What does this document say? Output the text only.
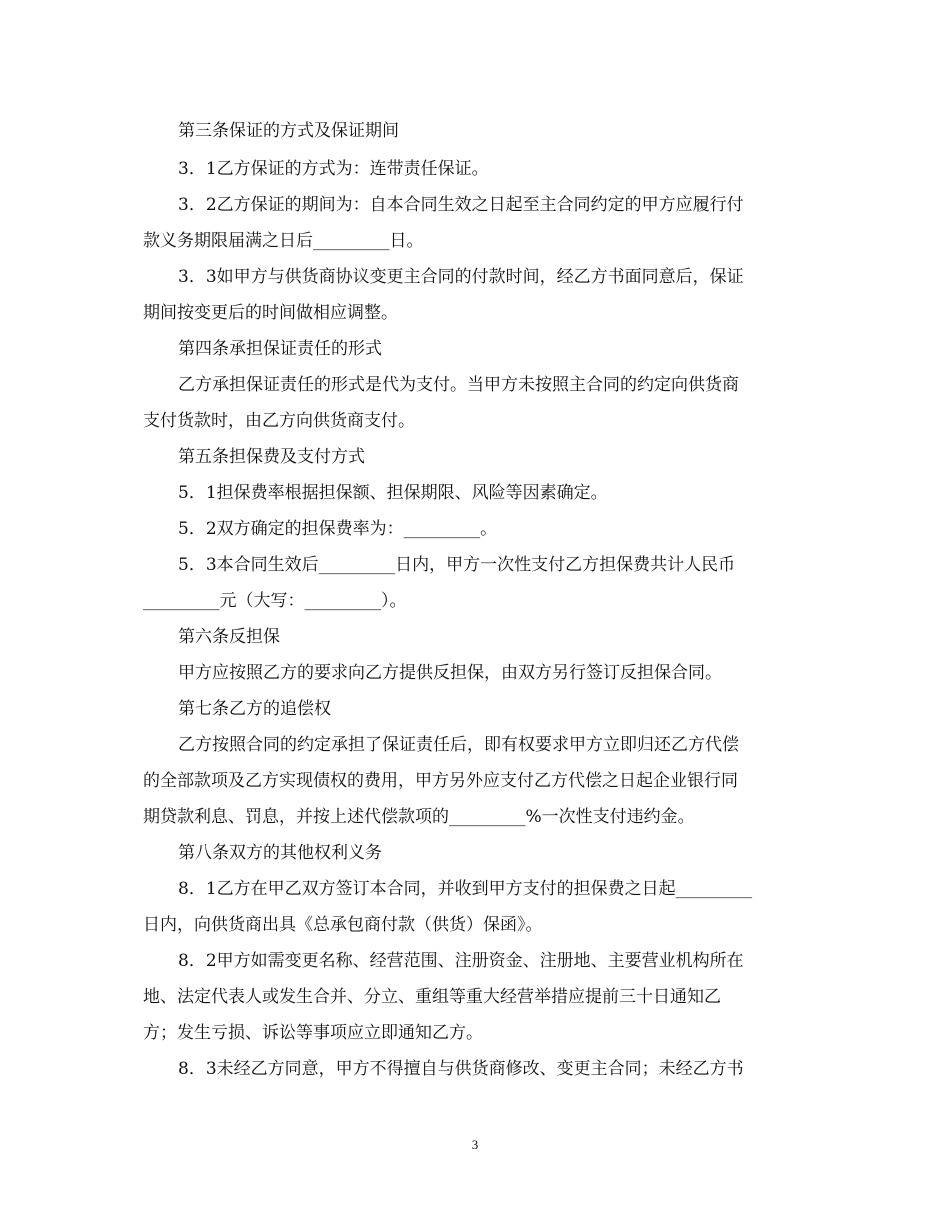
第三条保证的方式及保证期间
3．1乙方保证的方式为：连带责任保证。
3．2乙方保证的期间为：自本合同生效之日起至主合同约定的甲方应履行付
款义务期限届满之日后_________日。
3．3如甲方与供货商协议变更主合同的付款时间，经乙方书面同意后，保证
期间按变更后的时间做相应调整。
第四条承担保证责任的形式
乙方承担保证责任的形式是代为支付。当甲方未按照主合同的约定向供货商
支付货款时，由乙方向供货商支付。
第五条担保费及支付方式
5．1担保费率根据担保额、担保期限、风险等因素确定。
5．2双方确定的担保费率为：_________。
5．3本合同生效后_________日内，甲方一次性支付乙方担保费共计人民币
_________元（大写：_________）。
第六条反担保
甲方应按照乙方的要求向乙方提供反担保，由双方另行签订反担保合同。
第七条乙方的追偿权
乙方按照合同的约定承担了保证责任后，即有权要求甲方立即归还乙方代偿
的全部款项及乙方实现债权的费用，甲方另外应支付乙方代偿之日起企业银行同
期贷款利息、罚息，并按上述代偿款项的_________%一次性支付违约金。
第八条双方的其他权利义务
8．1乙方在甲乙双方签订本合同，并收到甲方支付的担保费之日起_________
日内，向供货商出具《总承包商付款（供货）保函》。
8．2甲方如需变更名称、经营范围、注册资金、注册地、主要营业机构所在
地、法定代表人或发生合并、分立、重组等重大经营举措应提前三十日通知乙
方；发生亏损、诉讼等事项应立即通知乙方。
8．3未经乙方同意，甲方不得擅自与供货商修改、变更主合同；未经乙方书
3
